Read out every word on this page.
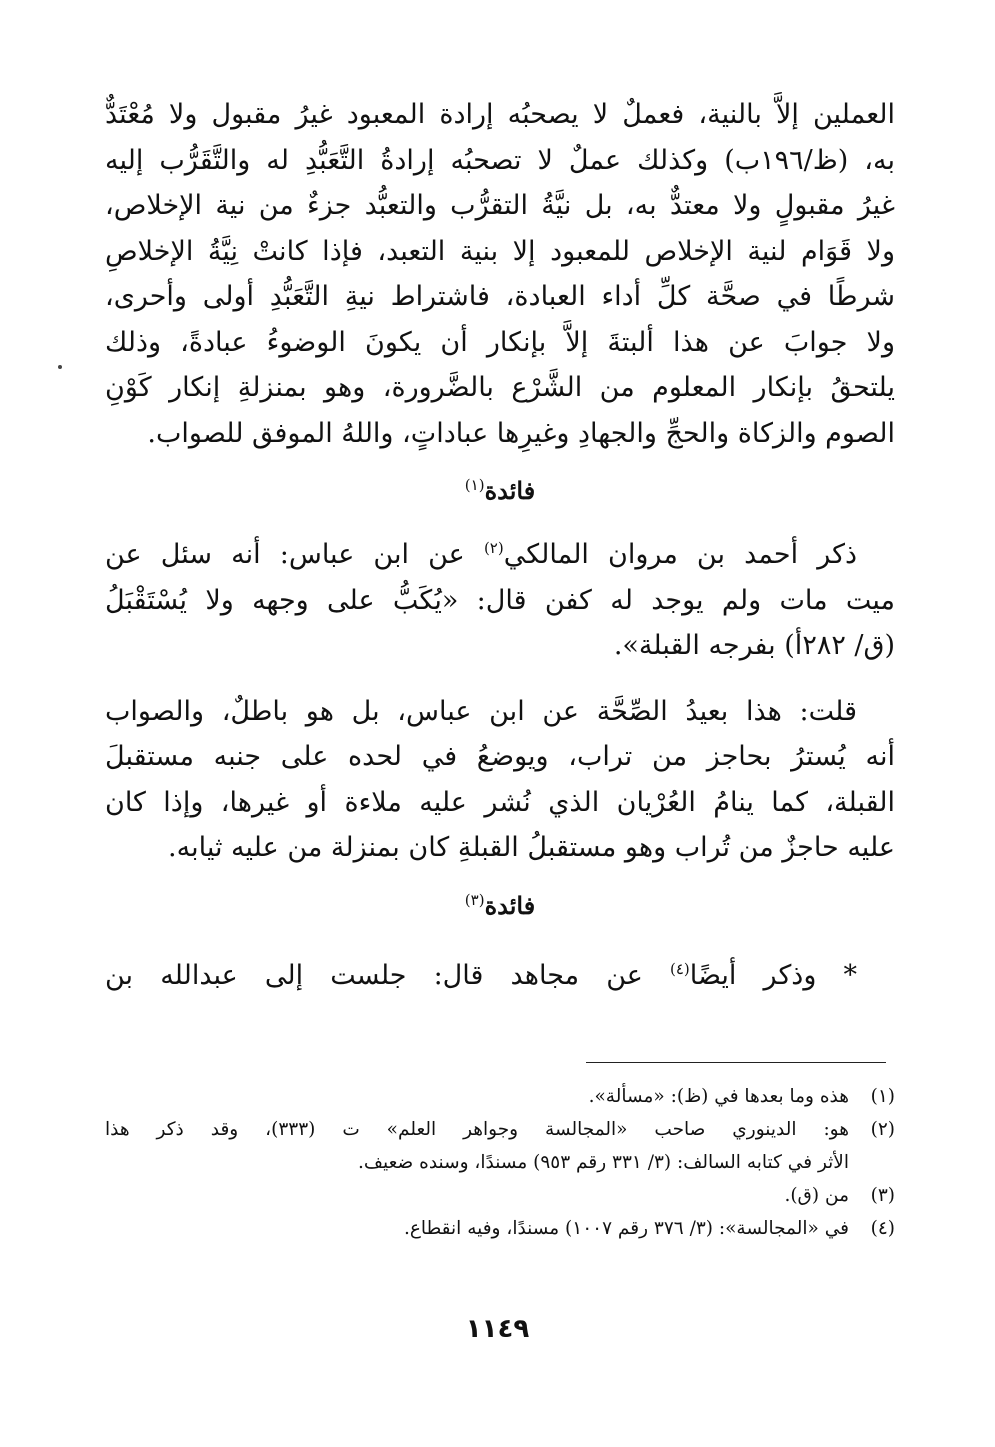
العملين إلاَّ بالنية، فعملٌ لا يصحبُه إرادة المعبود غيرُ مقبول ولا مُعْتَدٌّ
به، (ظ/١٩٦ب) وكذلك عملٌ لا تصحبُه إرادةُ التَّعَبُّدِ له والتَّقَرُّب إليه
غيرُ مقبولٍ ولا معتدٌّ به، بل نيَّةُ التقرُّب والتعبُّد جزءٌ من نية الإخلاص،
ولا قَوَام لنية الإخلاص للمعبود إلا بنية التعبد، فإذا كانتْ نِيَّةُ الإخلاصِ
شرطًا في صحَّة كلِّ أداء العبادة، فاشتراط نيةِ التَّعَبُّدِ أولى وأحرى،
ولا جوابَ عن هذا ألبتةَ إلاَّ بإنكار أن يكونَ الوضوءُ عبادةً، وذلك
يلتحقُ بإنكار المعلوم من الشَّرْع بالضَّرورة، وهو بمنزلةِ إنكار كَوْنِ
الصوم والزكاة والحجِّ والجهادِ وغيرِها عباداتٍ، واللهُ الموفق للصواب.
فائدة$^{(١)}$
ذكر أحمد بن مروان المالكي$^{(٢)}$ عن ابن عباس: أنه سئل عن
ميت مات ولم يوجد له كفن قال: «يُكَبُّ على وجهه ولا يُسْتَقْبَلُ
(ق/ ٢٨٢أ) بفرجه القبلة».
قلت: هذا بعيدُ الصِّحَّة عن ابن عباس، بل هو باطلٌ، والصواب
أنه يُسترُ بحاجز من تراب، ويوضعُ في لحده على جنبه مستقبلَ
القبلة، كما ينامُ العُرْيان الذي نُشر عليه ملاءة أو غيرها، وإذا كان
عليه حاجزٌ من تُراب وهو مستقبلُ القبلةِ كان بمنزلة من عليه ثيابه.
فائدة$^{(٣)}$
* وذكر أيضًا$^{(٤)}$ عن مجاهد قال: جلست إلى عبدالله بن
(١)
هذه وما بعدها في (ظ): «مسألة».
(٢)
هو: الدينوري صاحب «المجالسة وجواهر العلم» ت (٣٣٣)، وقد ذكر هذا
الأثر في كتابه السالف: (٣/ ٣٣١ رقم ٩٥٣) مسندًا، وسنده ضعيف.
(٣)
من (ق).
(٤)
في «المجالسة»: (٣/ ٣٧٦ رقم ١٠٠٧) مسندًا، وفيه انقطاع.
١١٤٩
